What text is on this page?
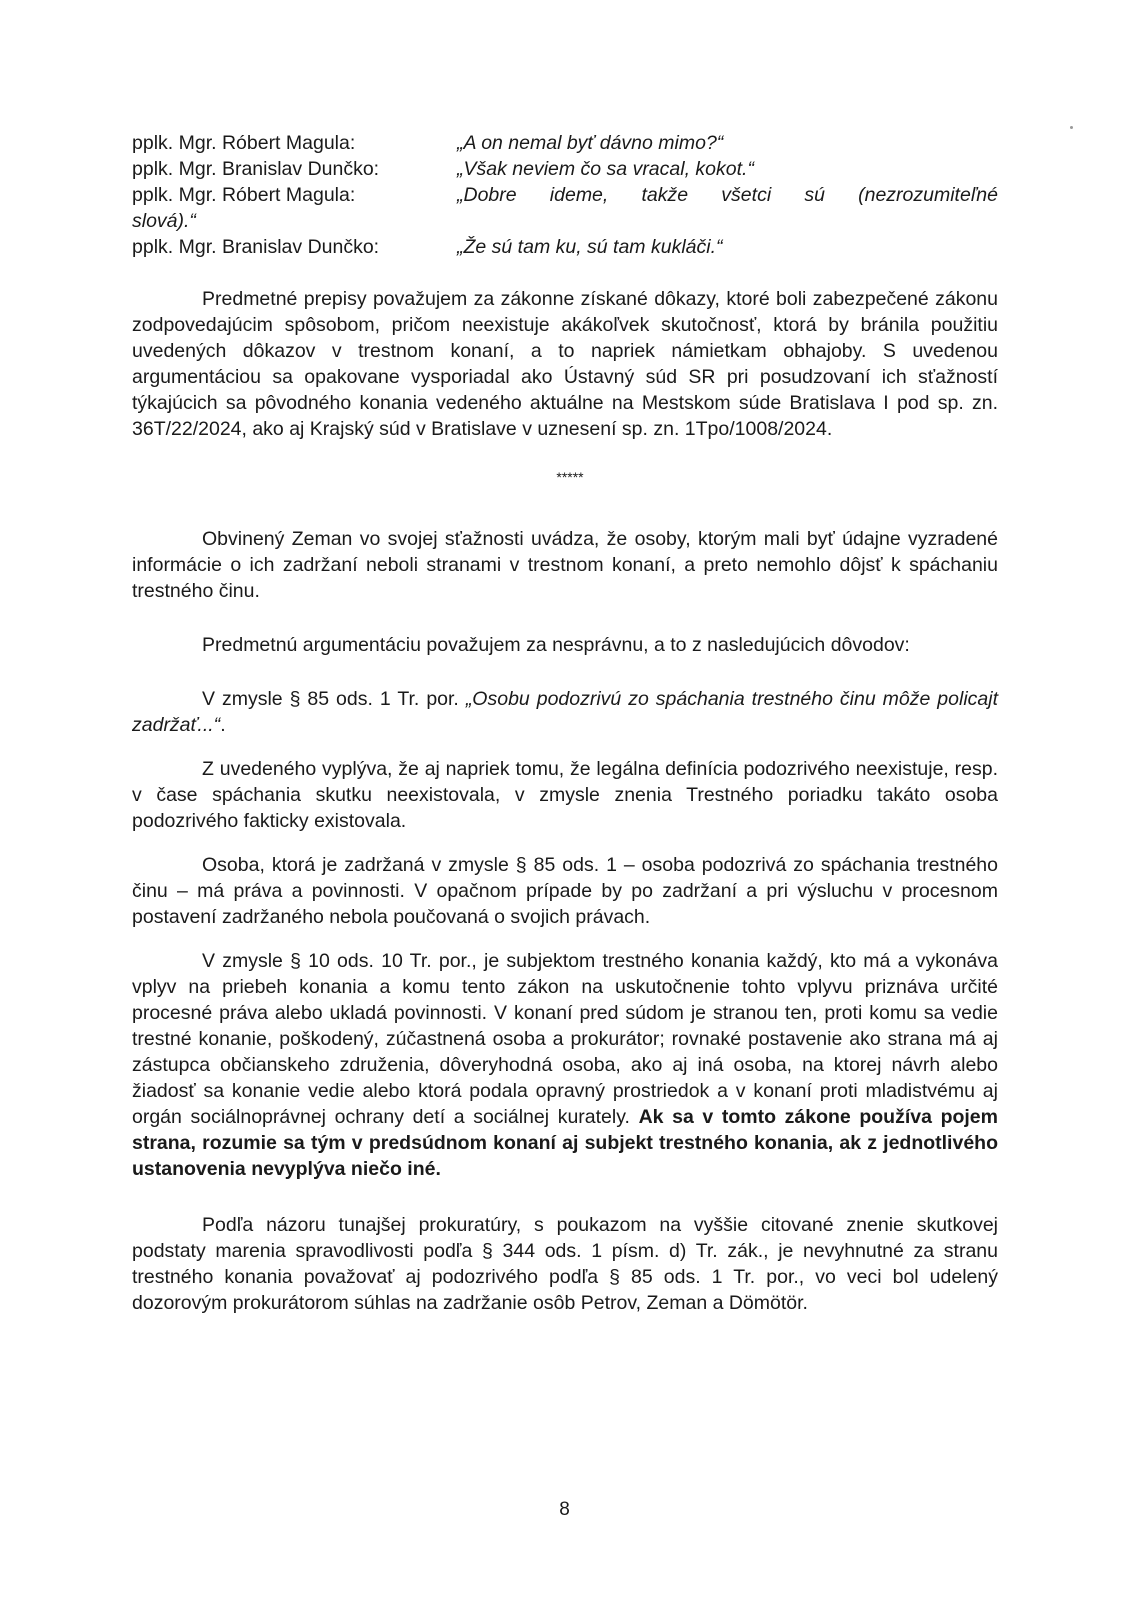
pplk. Mgr. Róbert Magula:	„A on nemal byť dávno mimo?“
pplk. Mgr. Branislav Dunčko:	„Však neviem čo sa vracal, kokot.“
pplk. Mgr. Róbert Magula:	„Dobre ideme, takže všetci sú (nezrozumiteľné
slová).“
pplk. Mgr. Branislav Dunčko:	„Že sú tam ku, sú tam kukláči.“

Predmetné prepisy považujem za zákonne získané dôkazy, ktoré boli zabezpečené zákonu zodpovedajúcim spôsobom, pričom neexistuje akákoľvek skutočnosť, ktorá by bránila použitiu uvedených dôkazov v trestnom konaní, a to napriek námietkam obhajoby. S uvedenou argumentáciou sa opakovane vysporiadal ako Ústavný súd SR pri posudzovaní ich sťažností týkajúcich sa pôvodného konania vedeného aktuálne na Mestskom súde Bratislava I pod sp. zn. 36T/22/2024, ako aj Krajský súd v Bratislave v uznesení sp. zn. 1Tpo/1008/2024.

*****

Obvinený Zeman vo svojej sťažnosti uvádza, že osoby, ktorým mali byť údajne vyzradené informácie o ich zadržaní neboli stranami v trestnom konaní, a preto nemohlo dôjsť k spáchaniu trestného činu.

Predmetnú argumentáciu považujem za nesprávnu, a to z nasledujúcich dôvodov:

V zmysle § 85 ods. 1 Tr. por. „Osobu podozrivú zo spáchania trestného činu môže policajt zadržať...“.

Z uvedeného vyplýva, že aj napriek tomu, že legálna definícia podozrivého neexistuje, resp. v čase spáchania skutku neexistovala, v zmysle znenia Trestného poriadku takáto osoba podozrivého fakticky existovala.

Osoba, ktorá je zadržaná v zmysle § 85 ods. 1 – osoba podozrivá zo spáchania trestného činu – má práva a povinnosti. V opačnom prípade by po zadržaní a pri výsluchu v procesnom postavení zadržaného nebola poučovaná o svojich právach.

V zmysle § 10 ods. 10 Tr. por., je subjektom trestného konania každý, kto má a vykonáva vplyv na priebeh konania a komu tento zákon na uskutočnenie tohto vplyvu priznáva určité procesné práva alebo ukladá povinnosti. V konaní pred súdom je stranou ten, proti komu sa vedie trestné konanie, poškodený, zúčastnená osoba a prokurátor; rovnaké postavenie ako strana má aj zástupca občianskeho združenia, dôveryhodná osoba, ako aj iná osoba, na ktorej návrh alebo žiadosť sa konanie vedie alebo ktorá podala opravný prostriedok a v konaní proti mladistvému aj orgán sociálnoprávnej ochrany detí a sociálnej kurately. Ak sa v tomto zákone používa pojem strana, rozumie sa tým v predsúdnom konaní aj subjekt trestného konania, ak z jednotlivého ustanovenia nevyplýva niečo iné.

Podľa názoru tunajšej prokuratúry, s poukazom na vyššie citované znenie skutkovej podstaty marenia spravodlivosti podľa § 344 ods. 1 písm. d) Tr. zák., je nevyhnutné za stranu trestného konania považovať aj podozrivého podľa § 85 ods. 1 Tr. por., vo veci bol udelený dozorovým prokurátorom súhlas na zadržanie osôb Petrov, Zeman a Dömötör.

8
